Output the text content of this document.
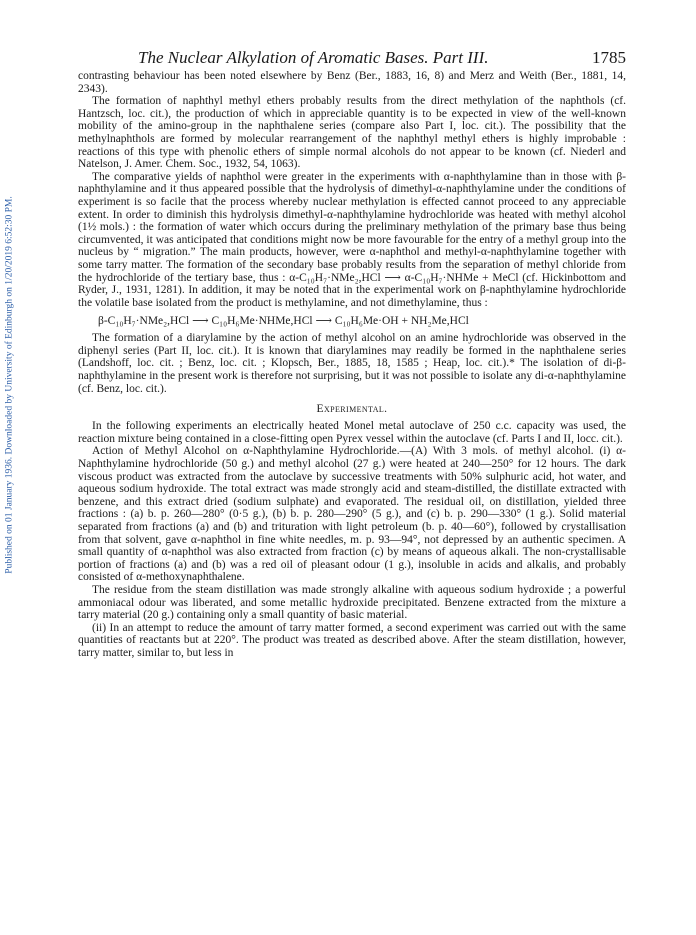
Published on 01 January 1936. Downloaded by University of Edinburgh on 1/20/2019 6:52:30 PM.
The Nuclear Alkylation of Aromatic Bases. Part III.	1785

contrasting behaviour has been noted elsewhere by Benz (Ber., 1883, 16, 8) and Merz and Weith (Ber., 1881, 14, 2343).

The formation of naphthyl methyl ethers probably results from the direct methylation of the naphthols (cf. Hantzsch, loc. cit.), the production of which in appreciable quantity is to be expected in view of the well-known mobility of the amino-group in the naphthalene series (compare also Part I, loc. cit.). The possibility that the methylnaphthols are formed by molecular rearrangement of the naphthyl methyl ethers is highly improbable : reactions of this type with phenolic ethers of simple normal alcohols do not appear to be known (cf. Niederl and Natelson, J. Amer. Chem. Soc., 1932, 54, 1063).

The comparative yields of naphthol were greater in the experiments with α-naphthylamine than in those with β-naphthylamine and it thus appeared possible that the hydrolysis of dimethyl-α-naphthylamine under the conditions of experiment is so facile that the process whereby nuclear methylation is effected cannot proceed to any appreciable extent. In order to diminish this hydrolysis dimethyl-α-naphthylamine hydrochloride was heated with methyl alcohol (1½ mols.) : the formation of water which occurs during the preliminary methylation of the primary base thus being circumvented, it was anticipated that conditions might now be more favourable for the entry of a methyl group into the nucleus by “ migration.” The main products, however, were α-naphthol and methyl-α-naphthylamine together with some tarry matter. The formation of the secondary base probably results from the separation of methyl chloride from the hydrochloride of the tertiary base, thus : α-C₁₀H₇·NMe₂,HCl ⟶ α-C₁₀H₇·NHMe + MeCl (cf. Hickinbottom and Ryder, J., 1931, 1281). In addition, it may be noted that in the experimental work on β-naphthylamine hydrochloride the volatile base isolated from the product is methylamine, and not dimethylamine, thus :

β-C₁₀H₇·NMe₂,HCl ⟶ C₁₀H₆Me·NHMe,HCl ⟶ C₁₀H₆Me·OH + NH₂Me,HCl

The formation of a diarylamine by the action of methyl alcohol on an amine hydrochloride was observed in the diphenyl series (Part II, loc. cit.). It is known that diarylamines may readily be formed in the naphthalene series (Landshoff, loc. cit. ; Benz, loc. cit. ; Klopsch, Ber., 1885, 18, 1585 ; Heap, loc. cit.).* The isolation of di-β-naphthylamine in the present work is therefore not surprising, but it was not possible to isolate any di-α-naphthylamine (cf. Benz, loc. cit.).

Experimental.

In the following experiments an electrically heated Monel metal autoclave of 250 c.c. capacity was used, the reaction mixture being contained in a close-fitting open Pyrex vessel within the autoclave (cf. Parts I and II, locc. cit.).

Action of Methyl Alcohol on α-Naphthylamine Hydrochloride.—(A) With 3 mols. of methyl alcohol. (i) α-Naphthylamine hydrochloride (50 g.) and methyl alcohol (27 g.) were heated at 240—250° for 12 hours. The dark viscous product was extracted from the autoclave by successive treatments with 50% sulphuric acid, hot water, and aqueous sodium hydroxide. The total extract was made strongly acid and steam-distilled, the distillate extracted with benzene, and this extract dried (sodium sulphate) and evaporated. The residual oil, on distillation, yielded three fractions : (a) b. p. 260—280° (0·5 g.), (b) b. p. 280—290° (5 g.), and (c) b. p. 290—330° (1 g.). Solid material separated from fractions (a) and (b) and trituration with light petroleum (b. p. 40—60°), followed by crystallisation from that solvent, gave α-naphthol in fine white needles, m. p. 93—94°, not depressed by an authentic specimen. A small quantity of α-naphthol was also extracted from fraction (c) by means of aqueous alkali. The non-crystallisable portion of fractions (a) and (b) was a red oil of pleasant odour (1 g.), insoluble in acids and alkalis, and probably consisted of α-methoxynaphthalene.

The residue from the steam distillation was made strongly alkaline with aqueous sodium hydroxide ; a powerful ammoniacal odour was liberated, and some metallic hydroxide precipitated. Benzene extracted from the mixture a tarry material (20 g.) containing only a small quantity of basic material.

(ii) In an attempt to reduce the amount of tarry matter formed, a second experiment was carried out with the same quantities of reactants but at 220°. The product was treated as described above. After the steam distillation, however, tarry matter, similar to, but less in
